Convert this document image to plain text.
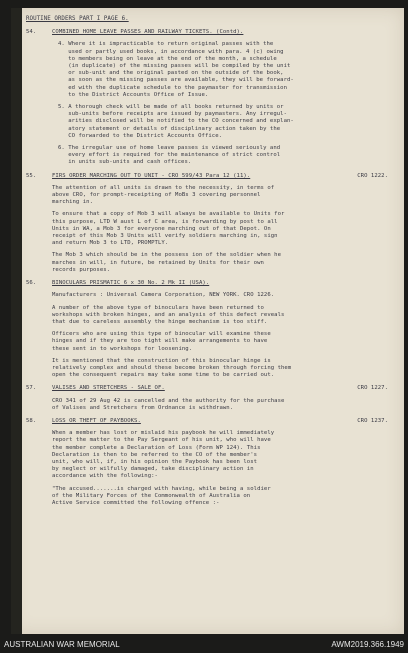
ROUTINE ORDERS PART I PAGE 6.
54.	COMBINED HOME LEAVE PASSES AND RAILWAY TICKETS. (Contd).
4. Where it is impracticable to return original passes with the
used or partly used books, in accordance with para. 4 (c) owing
to members being on leave at the end of the month, a schedule
(in duplicate) of the missing passes will be compiled by the unit
or sub-unit and the original pasted on the outside of the book,
as soon as the missing passes are available, they will be forward-
ed with the duplicate schedule to the paymaster for transmission
to the District Accounts Office of Issue.
5. A thorough check will be made of all books returned by units or
sub-units before receipts are issued by paymasters. Any irregul-
arities disclosed will be notified to the CO concerned and explan-
atory statement or details of disciplinary action taken by the
CO forwarded to the District Accounts Office.
6. The irregular use of home leave passes is viewed seriously and
every effort is required for the maintenance of strict control
in units sub-units and cash offices.
55.	FIRS ORDER MARCHING OUT TO UNIT - CRO 599/43 Para 12 (11).	CRO 1222.
The attention of all units is drawn to the necessity, in terms of
above CRO, for prompt-receipting of MoBs 3 covering personnel
marching in.
To ensure that a copy of Mob 3 will always be available to Units for
this purpose, LTD W aust L of C area, is forwarding by post to all
Units in WA, a Mob 3 for everyone marching out of that Depot. On
receipt of this Mob 3 Units will verify soldiers marching in, sign
and return Mob 3 to LTD, PROMPTLY.
The Mob 3 which should be in the possess ion of the soldier when he
marches in will, in future, be retained by Units for their own
records purposes.
56.	BINOCULARS PRISMATIC 6 x 30 No. 2 Mk II (USA).
Manufacturers : Universal Camera Corporation, NEW YORK. CRO 1226.
A number of the above type of binoculars have been returned to
workshops with broken hinges, and an analysis of this defect reveals
that due to careless assembly the hinge mechanism is too stiff.
Officers who are using this type of binocular will examine these
hinges and if they are too tight will make arrangements to have
these sent in to workshops for loosening.
It is mentioned that the construction of this binocular hinge is
relatively complex and should these become broken through forcing them
open the consequent repairs may take some time to be carried out.
57.	VALISES AND STRETCHERS - SALE OF.	CRO 1227.
CRO 341 of 29 Aug 42 is cancelled and the authority for the purchase
of Valises and Stretchers from Ordnance is withdrawn.
58.	LOSS OR THEFT OF PAYBOOKS.	CRO 1237.
When a member has lost or mislaid his paybook he will immediately
report the matter to the Pay Sergeant of his unit, who will have
the member complete a Declaration of Loss (Form WP 124). This
Declaration is then to be referred to the CO of the member's
unit, who will, if, in his opinion the Paybook has been lost
by neglect or wilfully damaged, take disciplinary action in
accordance with the following:-
"The accused.......is charged with having, while being a soldier
of the Military Forces of the Commonwealth of Australia on
Active Service committed the following offence :-
AUSTRALIAN WAR MEMORIAL	AWM2019.366.1949
